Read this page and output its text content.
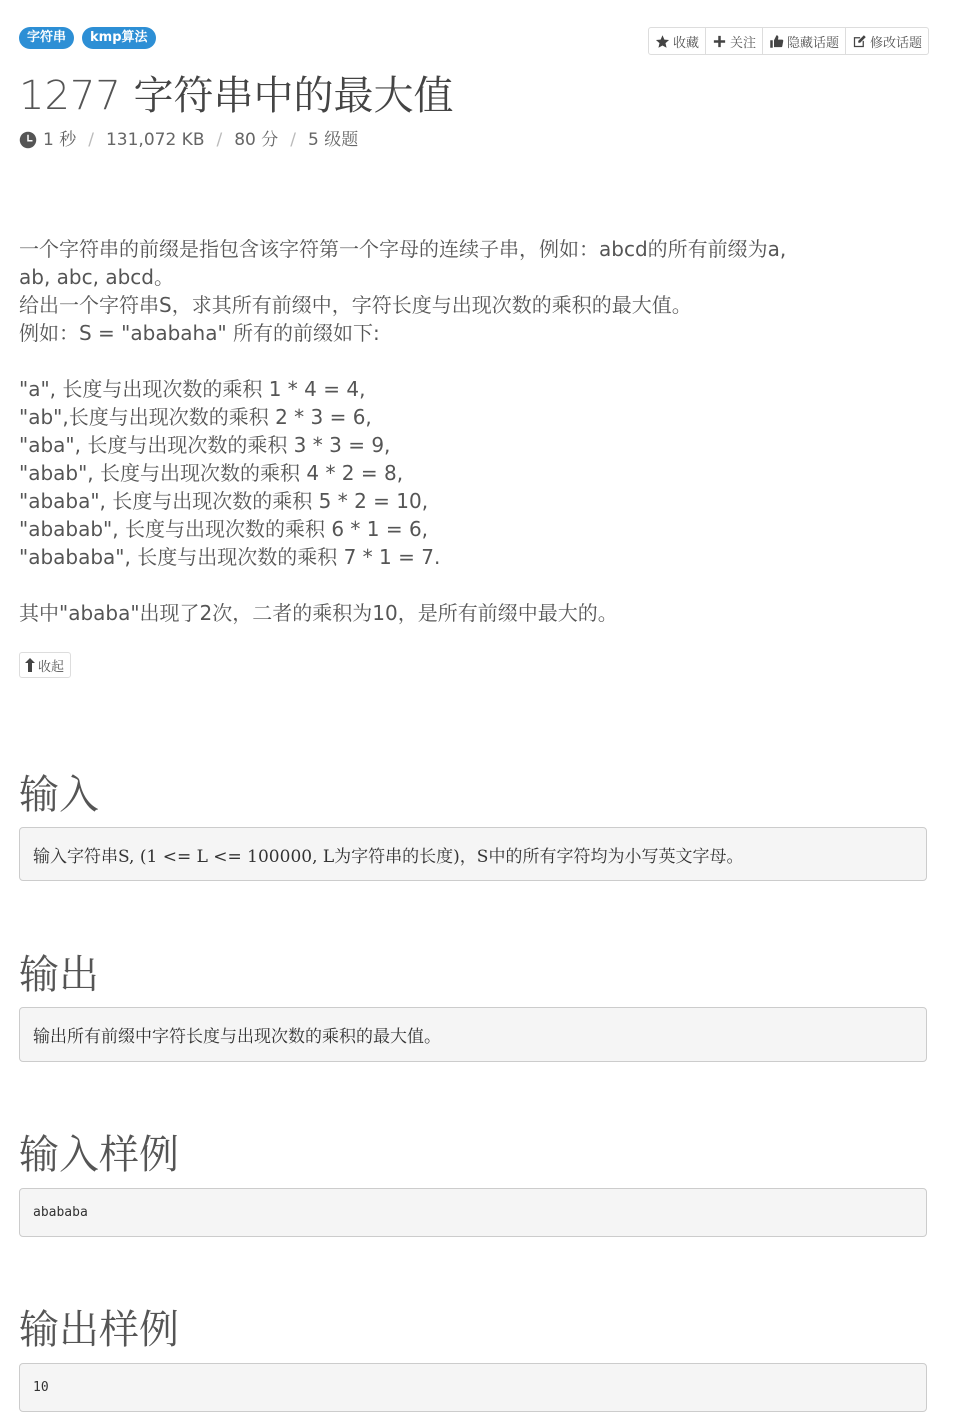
字符串	kmp算法	收藏 关注 隐藏话题 修改话题
1277 字符串中的最大值
1 秒 / 131,072 KB / 80 分 / 5 级题

一个字符串的前缀是指包含该字符第一个字母的连续子串，例如：abcd的所有前缀为a,

ab, abc, abcd。

给出一个字符串S，求其所有前缀中，字符长度与出现次数的乘积的最大值。

例如：S = "ababaha" 所有的前缀如下:

"a", 长度与出现次数的乘积 1 * 4 = 4,

"ab",长度与出现次数的乘积 2 * 3 = 6,

"aba", 长度与出现次数的乘积 3 * 3 = 9,

"abab", 长度与出现次数的乘积 4 * 2 = 8,

"ababa", 长度与出现次数的乘积 5 * 2 = 10,

"ababab", 长度与出现次数的乘积 6 * 1 = 6,

"abababa", 长度与出现次数的乘积 7 * 1 = 7.

其中"ababa"出现了2次，二者的乘积为10，是所有前缀中最大的。

收起
输入
输入字符串S, (1 <= L <= 100000, L为字符串的长度)，S中的所有字符均为小写英文字母。
输出
输出所有前缀中字符长度与出现次数的乘积的最大值。
输入样例
abababa
输出样例
10
